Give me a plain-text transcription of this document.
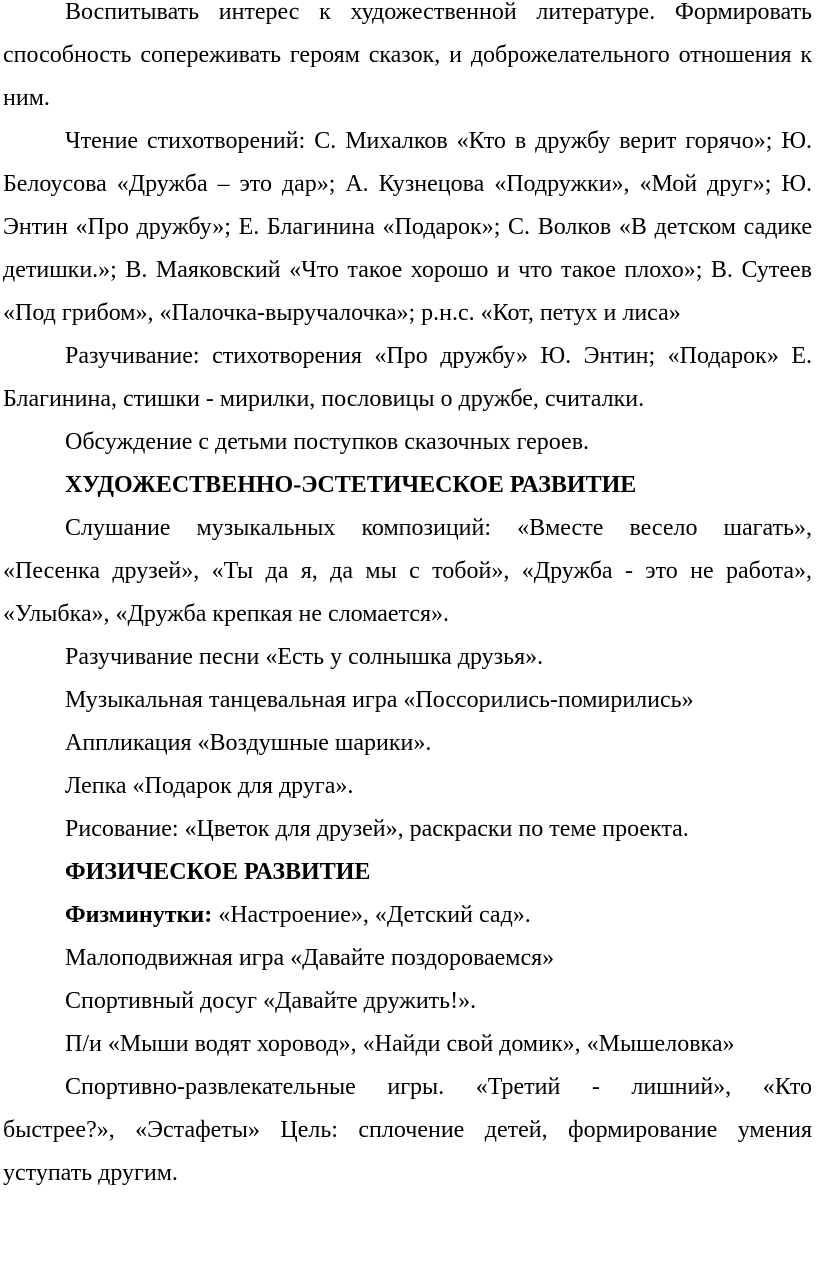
Воспитывать интерес к художественной литературе. Формировать
способность сопереживать героям сказок, и доброжелательного отношения к
ним.
Чтение стихотворений: С. Михалков «Кто в дружбу верит горячо»; Ю.
Белоусова «Дружба – это дар»; А. Кузнецова «Подружки», «Мой друг»; Ю.
Энтин «Про дружбу»; Е. Благинина «Подарок»; С. Волков «В детском садике
детишки.»; В. Маяковский «Что такое хорошо и что такое плохо»; В. Сутеев
«Под грибом», «Палочка-выручалочка»; р.н.с. «Кот, петух и лиса»
Разучивание: стихотворения «Про дружбу» Ю. Энтин; «Подарок» Е.
Благинина, стишки - мирилки, пословицы о дружбе, считалки.
Обсуждение с детьми поступков сказочных героев.
ХУДОЖЕСТВЕННО-ЭСТЕТИЧЕСКОЕ РАЗВИТИЕ
Слушание музыкальных композиций: «Вместе весело шагать»,
«Песенка друзей», «Ты да я, да мы с тобой», «Дружба - это не работа»,
«Улыбка», «Дружба крепкая не сломается».
Разучивание песни «Есть у солнышка друзья».
Музыкальная танцевальная игра «Поссорились-помирились»
Аппликация «Воздушные шарики».
Лепка «Подарок для друга».
Рисование: «Цветок для друзей», раскраски по теме проекта.
ФИЗИЧЕСКОЕ РАЗВИТИЕ
Физминутки: «Настроение», «Детский сад».
Малоподвижная игра «Давайте поздороваемся»
Спортивный досуг «Давайте дружить!».
П/и «Мыши водят хоровод», «Найди свой домик», «Мышеловка»
Спортивно-развлекательные игры. «Третий - лишний», «Кто
быстрее?», «Эстафеты» Цель: сплочение детей, формирование умения
уступать другим.
